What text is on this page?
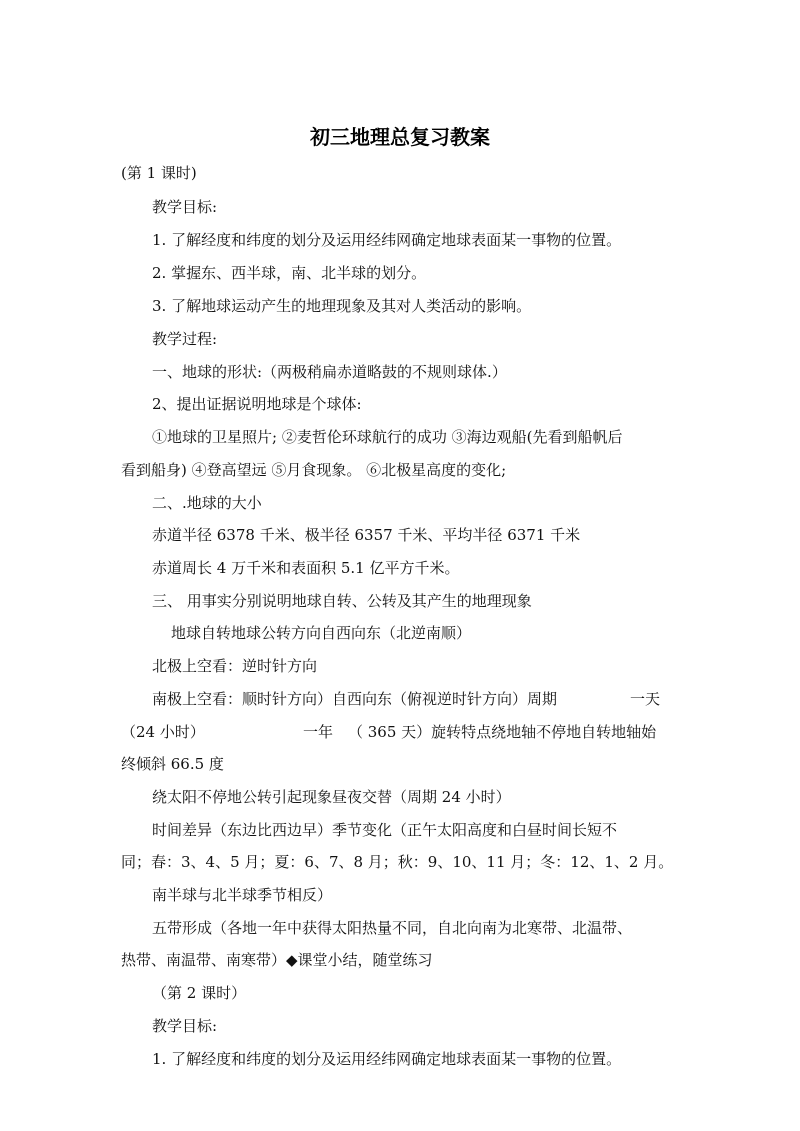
初三地理总复习教案
(第 1 课时)
教学目标:
1. 了解经度和纬度的划分及运用经纬网确定地球表面某一事物的位置。
2. 掌握东、西半球，南、北半球的划分。
3. 了解地球运动产生的地理现象及其对人类活动的影响。
教学过程:
一、地球的形状:（两极稍扁赤道略鼓的不规则球体.）
2、提出证据说明地球是个球体:
①地球的卫星照片; ②麦哲伦环球航行的成功 ③海边观船(先看到船帆后
看到船身) ④登高望远 ⑤月食现象。 ⑥北极星高度的变化;
二、.地球的大小
赤道半径 6378 千米、极半径 6357 千米、平均半径 6371 千米
赤道周长 4 万千米和表面积 5.1 亿平方千米。
三、 用事实分别说明地球自转、公转及其产生的地理现象
地球自转地球公转方向自西向东（北逆南顺）
北极上空看：逆时针方向
南极上空看：顺时针方向）自西向东（俯视逆时针方向）周期	一天
（24 小时）	一年 （ 365 天）旋转特点绕地轴不停地自转地轴始
终倾斜 66.5 度
绕太阳不停地公转引起现象昼夜交替（周期 24 小时）
时间差异（东边比西边早）季节变化（正午太阳高度和白昼时间长短不
同；春：3、4、5 月；夏：6、7、8 月；秋：9、10、11 月；冬：12、1、2 月。
南半球与北半球季节相反）
五带形成（各地一年中获得太阳热量不同，自北向南为北寒带、北温带、
热带、南温带、南寒带）◆课堂小结，随堂练习
（第 2 课时）
教学目标:
1. 了解经度和纬度的划分及运用经纬网确定地球表面某一事物的位置。
